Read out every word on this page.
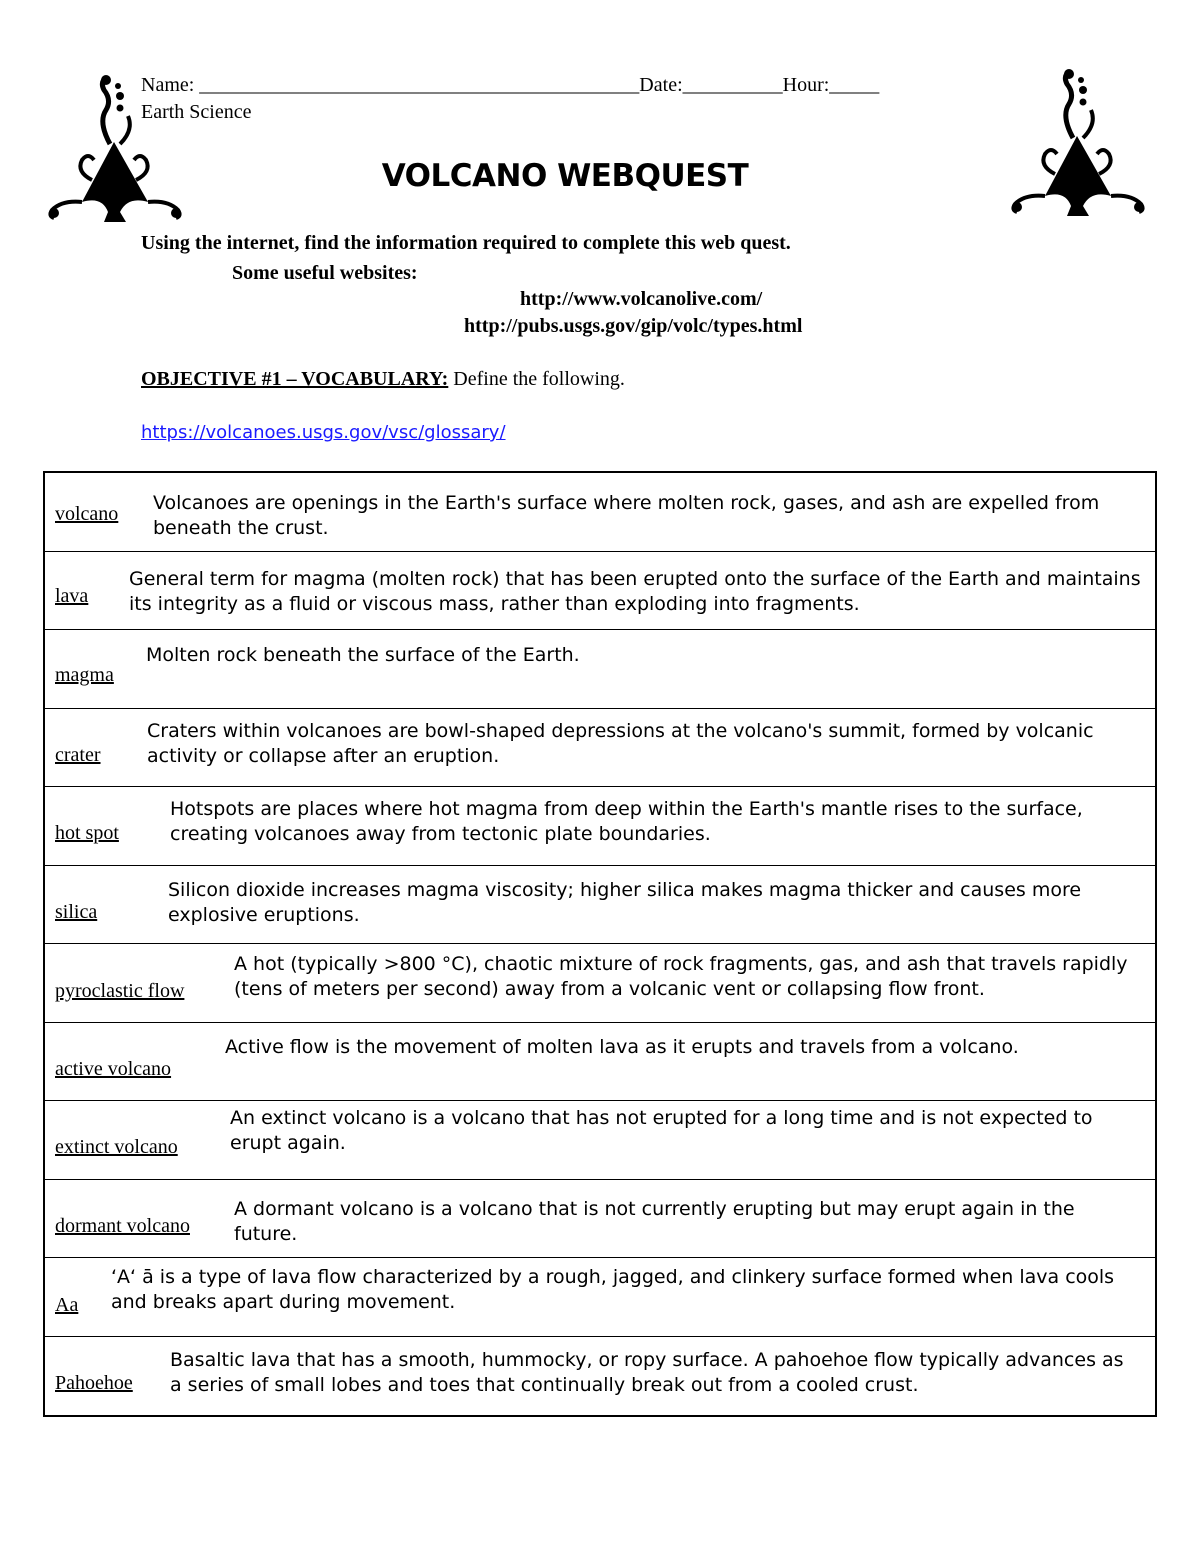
Name: ____________________________________________Date:__________Hour:_____
Earth Science
VOLCANO WEBQUEST
Using the internet, find the information required to complete this web quest.
Some useful websites:
http://www.volcanolive.com/
http://pubs.usgs.gov/gip/volc/types.html
OBJECTIVE #1 – VOCABULARY: Define the following.
https://volcanoes.usgs.gov/vsc/glossary/
volcano Volcanoes are openings in the Earth's surface where molten rock, gases, and ash are expelled from beneath the crust.
lava
General term for magma (molten rock) that has been erupted onto the surface of the Earth and maintains its integrity as a fluid or viscous mass, rather than exploding into fragments.
magma
Molten rock beneath the surface of the Earth.
crater
Craters within volcanoes are bowl-shaped depressions at the volcano's summit, formed by volcanic activity or collapse after an eruption.
hot spot
Hotspots are places where hot magma from deep within the Earth's mantle rises to the surface, creating volcanoes away from tectonic plate boundaries.
silica
Silicon dioxide increases magma viscosity; higher silica makes magma thicker and causes more explosive eruptions.
pyroclastic flow
A hot (typically >800 °C), chaotic mixture of rock fragments, gas, and ash that travels rapidly (tens of meters per second) away from a volcanic vent or collapsing flow front.
active volcano
Active flow is the movement of molten lava as it erupts and travels from a volcano.
extinct volcano
An extinct volcano is a volcano that has not erupted for a long time and is not expected to erupt again.
dormant volcano
A dormant volcano is a volcano that is not currently erupting but may erupt again in the future.
Aa
‘A‘ ā is a type of lava flow characterized by a rough, jagged, and clinkery surface formed when lava cools and breaks apart during movement.
Pahoehoe
Basaltic lava that has a smooth, hummocky, or ropy surface. A pahoehoe flow typically advances as a series of small lobes and toes that continually break out from a cooled crust.
